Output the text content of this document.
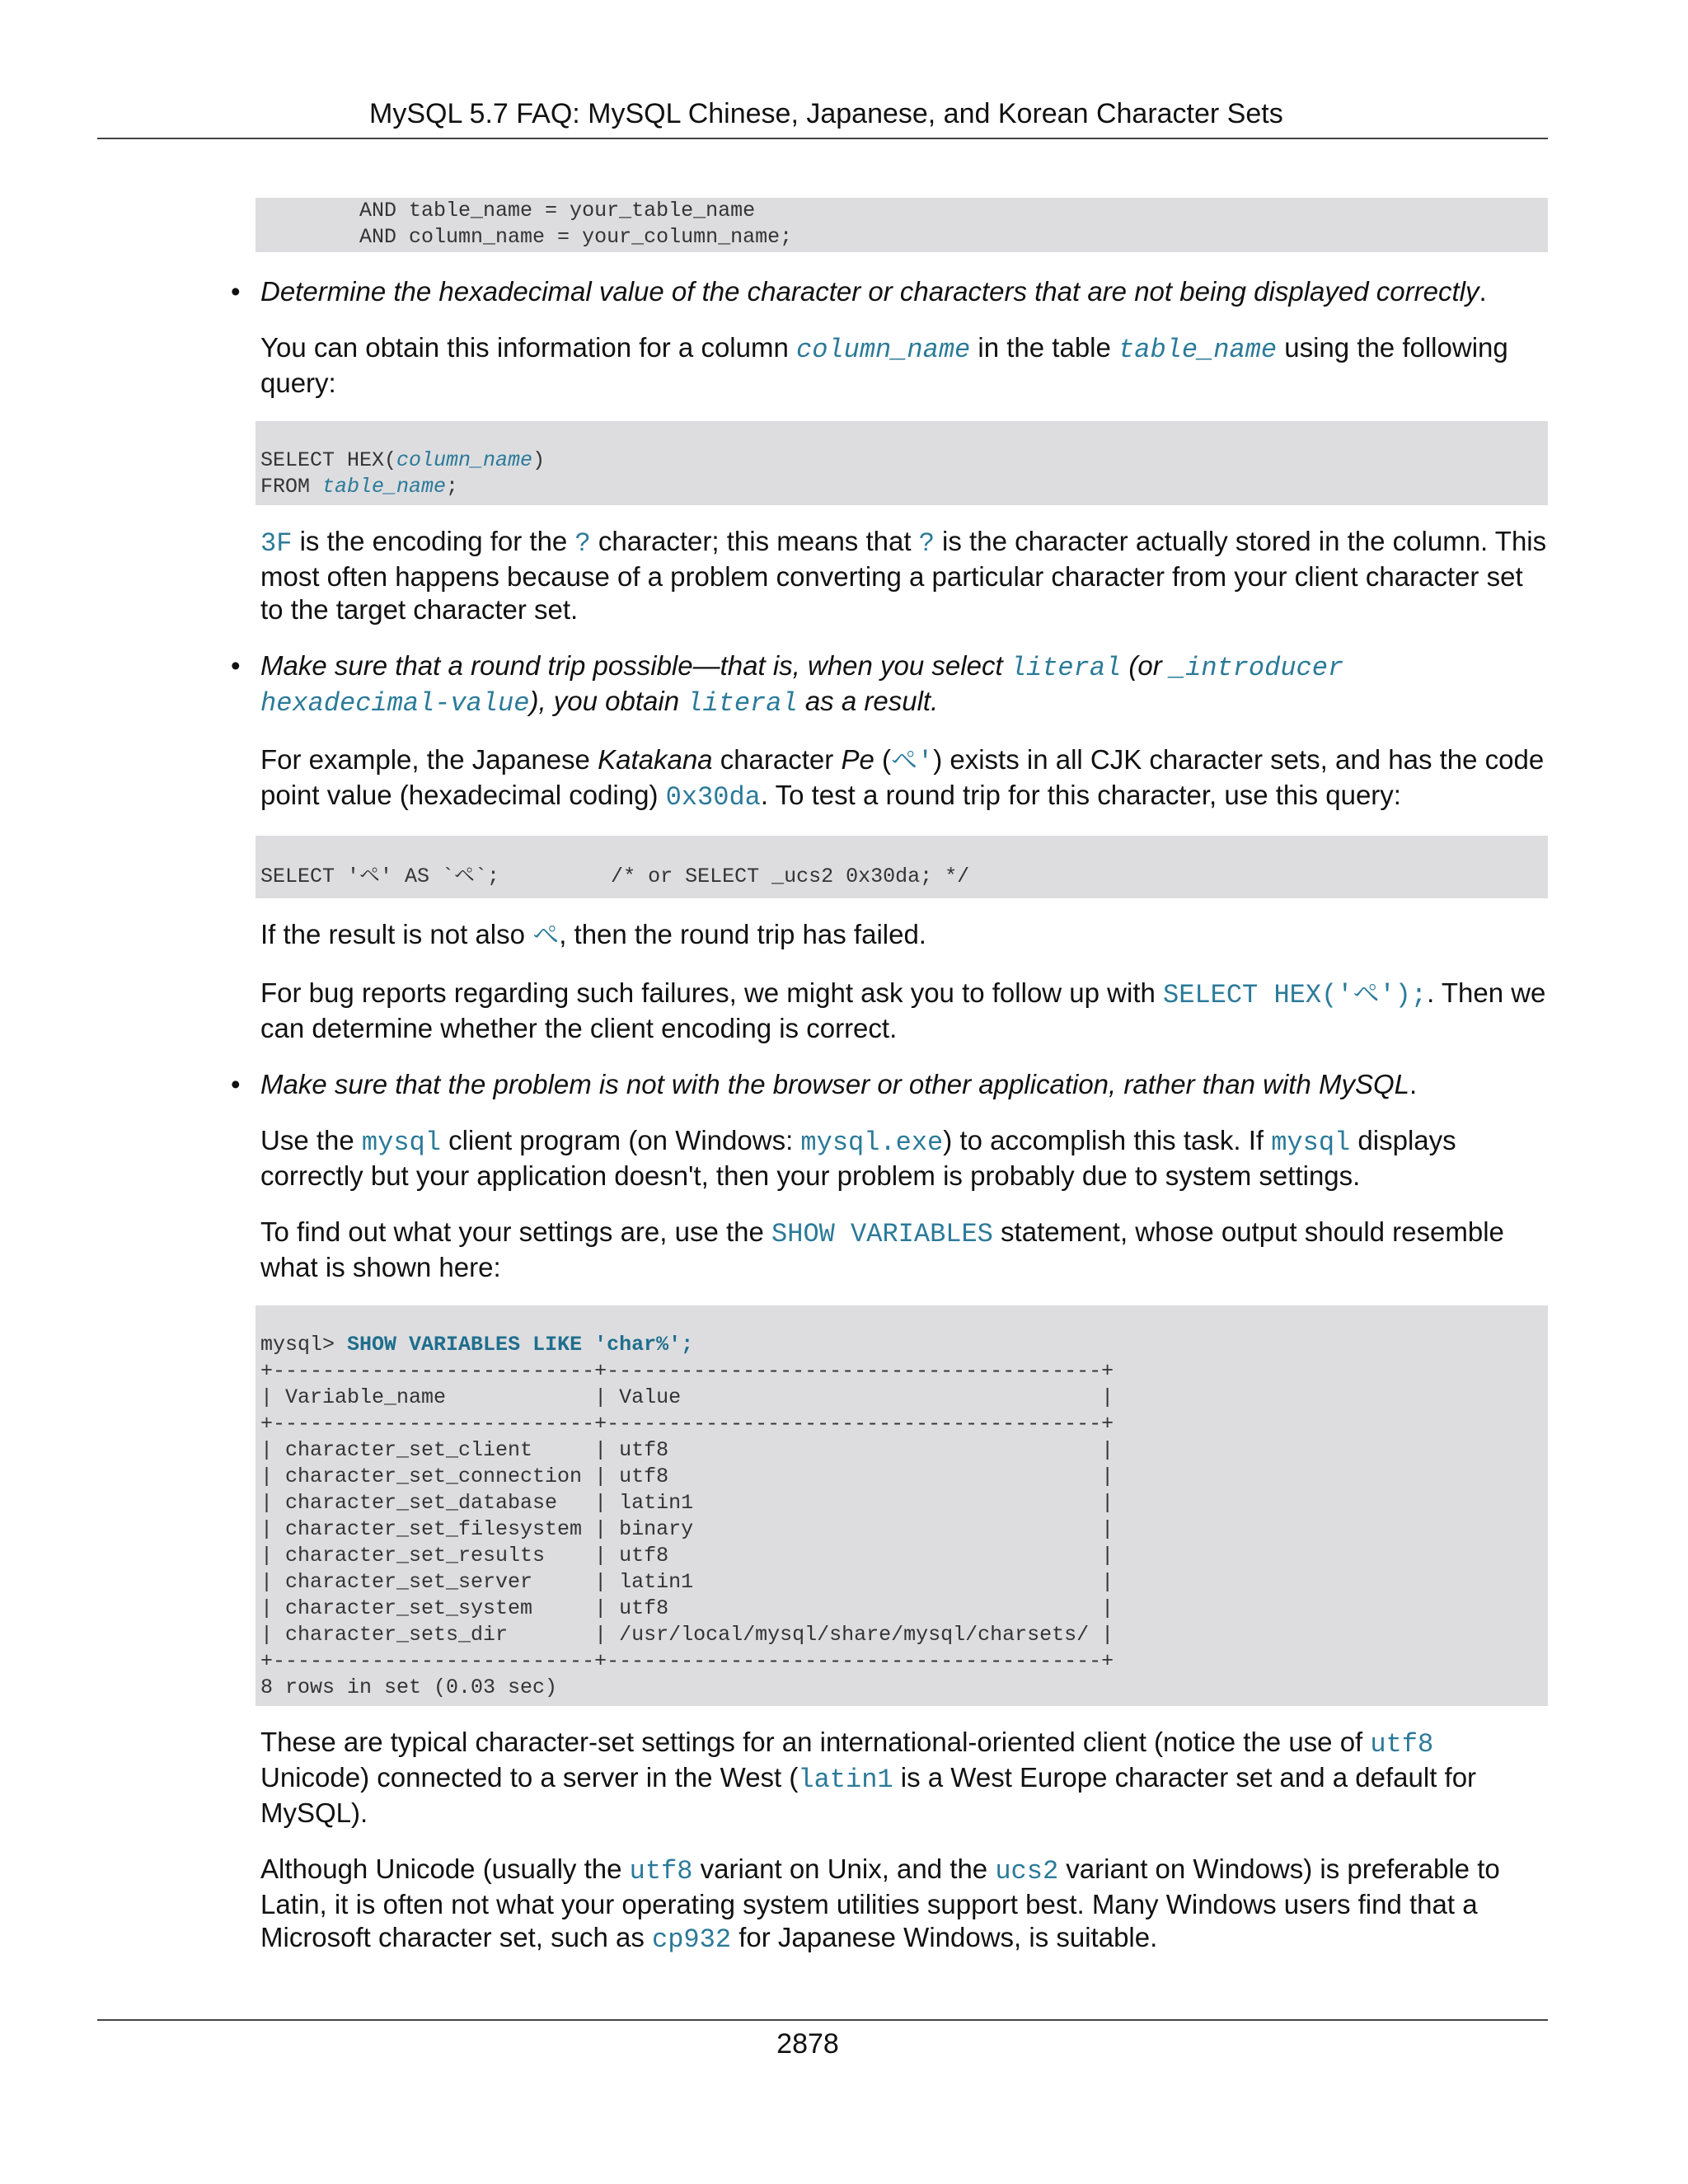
MySQL 5.7 FAQ: MySQL Chinese, Japanese, and Korean Character Sets
AND table_name = your_table_name
AND column_name = your_column_name;
• Determine the hexadecimal value of the character or characters that are not being displayed correctly.
You can obtain this information for a column column_name in the table table_name using the following query:
SELECT HEX(column_name)
FROM table_name;
3F is the encoding for the ? character; this means that ? is the character actually stored in the column. This most often happens because of a problem converting a particular character from your client character set to the target character set.
• Make sure that a round trip possible—that is, when you select literal (or _introducer hexadecimal-value), you obtain literal as a result.
For example, the Japanese Katakana character Pe (ペ') exists in all CJK character sets, and has the code point value (hexadecimal coding) 0x30da. To test a round trip for this character, use this query:
SELECT 'ペ' AS `ペ`;         /* or SELECT _ucs2 0x30da; */
If the result is not also ペ, then the round trip has failed.
For bug reports regarding such failures, we might ask you to follow up with SELECT HEX('ペ');. Then we can determine whether the client encoding is correct.
• Make sure that the problem is not with the browser or other application, rather than with MySQL.
Use the mysql client program (on Windows: mysql.exe) to accomplish this task. If mysql displays correctly but your application doesn't, then your problem is probably due to system settings.
To find out what your settings are, use the SHOW VARIABLES statement, whose output should resemble what is shown here:
mysql> SHOW VARIABLES LIKE 'char%';
+--------------------------+----------------------------------------+
| Variable_name            | Value                                  |
+--------------------------+----------------------------------------+
| character_set_client     | utf8                                   |
| character_set_connection | utf8                                   |
| character_set_database   | latin1                                 |
| character_set_filesystem | binary                                 |
| character_set_results    | utf8                                   |
| character_set_server     | latin1                                 |
| character_set_system     | utf8                                   |
| character_sets_dir       | /usr/local/mysql/share/mysql/charsets/ |
+--------------------------+----------------------------------------+
8 rows in set (0.03 sec)
These are typical character-set settings for an international-oriented client (notice the use of utf8 Unicode) connected to a server in the West (latin1 is a West Europe character set and a default for MySQL).
Although Unicode (usually the utf8 variant on Unix, and the ucs2 variant on Windows) is preferable to Latin, it is often not what your operating system utilities support best. Many Windows users find that a Microsoft character set, such as cp932 for Japanese Windows, is suitable.
2878
